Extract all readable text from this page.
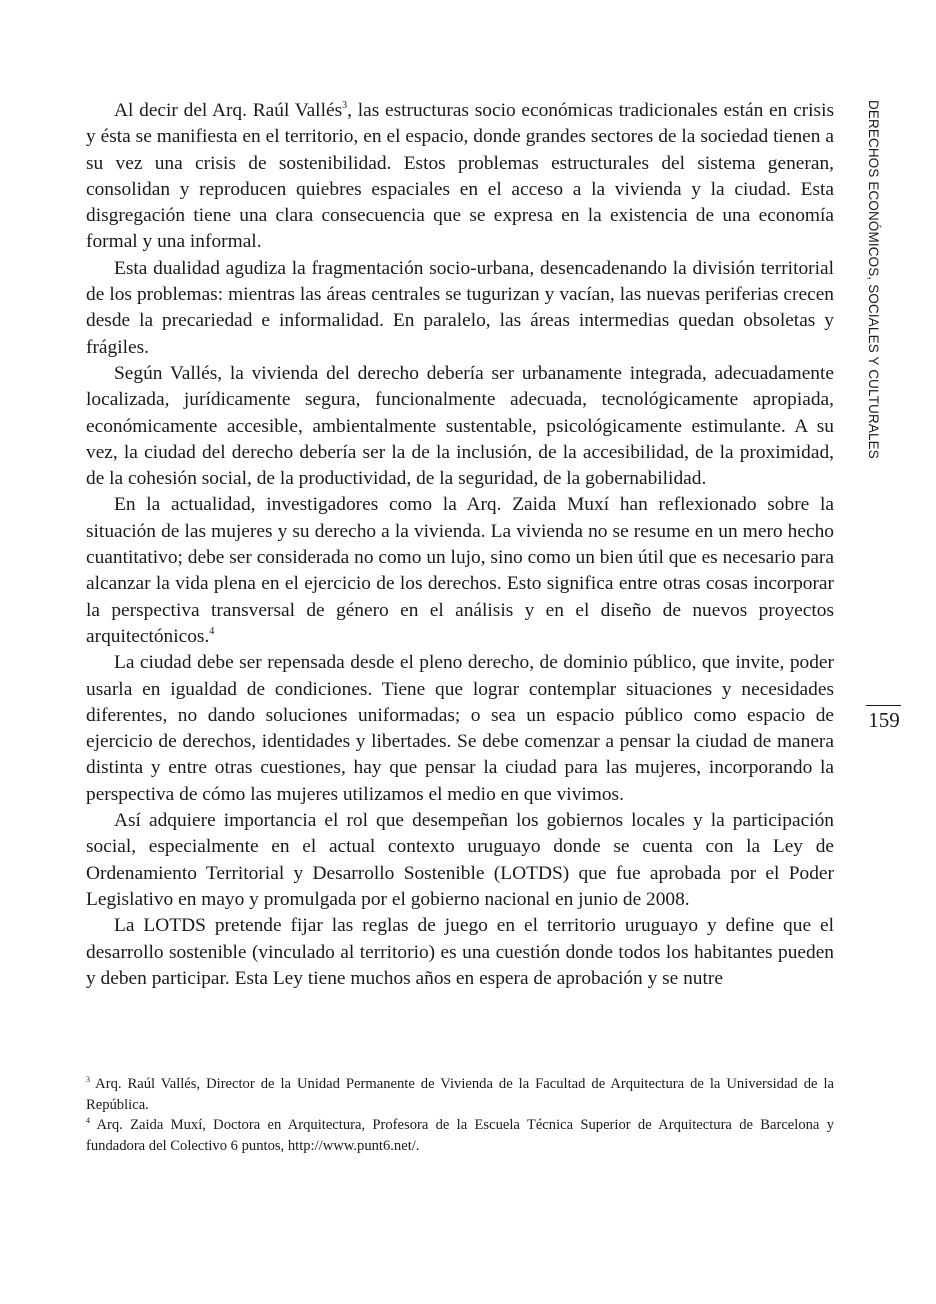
Al decir del Arq. Raúl Vallés$^3$, las estructuras socio económicas tradicionales están en crisis y ésta se manifiesta en el territorio, en el espacio, donde grandes sectores de la sociedad tienen a su vez una crisis de sostenibilidad. Estos problemas estructurales del sistema generan, consolidan y reproducen quiebres espaciales en el acceso a la vivienda y la ciudad. Esta disgregación tiene una clara consecuencia que se expresa en la existencia de una economía formal y una informal.

Esta dualidad agudiza la fragmentación socio-urbana, desencadenando la división territorial de los problemas: mientras las áreas centrales se tugurizan y vacían, las nuevas periferias crecen desde la precariedad e informalidad. En paralelo, las áreas intermedias quedan obsoletas y frágiles.

Según Vallés, la vivienda del derecho debería ser urbanamente integrada, adecuadamente localizada, jurídicamente segura, funcionalmente adecuada, tecnológicamente apropiada, económicamente accesible, ambientalmente sustentable, psicológicamente estimulante. A su vez, la ciudad del derecho debería ser la de la inclusión, de la accesibilidad, de la proximidad, de la cohesión social, de la productividad, de la seguridad, de la gobernabilidad.

En la actualidad, investigadores como la Arq. Zaida Muxí han reflexionado sobre la situación de las mujeres y su derecho a la vivienda. La vivienda no se resume en un mero hecho cuantitativo; debe ser considerada no como un lujo, sino como un bien útil que es necesario para alcanzar la vida plena en el ejercicio de los derechos. Esto significa entre otras cosas incorporar la perspectiva transversal de género en el análisis y en el diseño de nuevos proyectos arquitectónicos.$^4$

La ciudad debe ser repensada desde el pleno derecho, de dominio público, que invite, poder usarla en igualdad de condiciones. Tiene que lograr contemplar situaciones y necesidades diferentes, no dando soluciones uniformadas; o sea un espacio público como espacio de ejercicio de derechos, identidades y libertades. Se debe comenzar a pensar la ciudad de manera distinta y entre otras cuestiones, hay que pensar la ciudad para las mujeres, incorporando la perspectiva de cómo las mujeres utilizamos el medio en que vivimos.

Así adquiere importancia el rol que desempeñan los gobiernos locales y la participación social, especialmente en el actual contexto uruguayo donde se cuenta con la Ley de Ordenamiento Territorial y Desarrollo Sostenible (LOTDS) que fue aprobada por el Poder Legislativo en mayo y promulgada por el gobierno nacional en junio de 2008.

La LOTDS pretende fijar las reglas de juego en el territorio uruguayo y define que el desarrollo sostenible (vinculado al territorio) es una cuestión donde todos los habitantes pueden y deben participar. Esta Ley tiene muchos años en espera de aprobación y se nutre

$^3$ Arq. Raúl Vallés, Director de la Unidad Permanente de Vivienda de la Facultad de Arquitectura de la Universidad de la República.

$^4$ Arq. Zaida Muxí, Doctora en Arquitectura, Profesora de la Escuela Técnica Superior de Arquitectura de Barcelona y fundadora del Colectivo 6 puntos, http://www.punt6.net/.

DERECHOS ECONÓMICOS, SOCIALES Y CULTURALES
159
